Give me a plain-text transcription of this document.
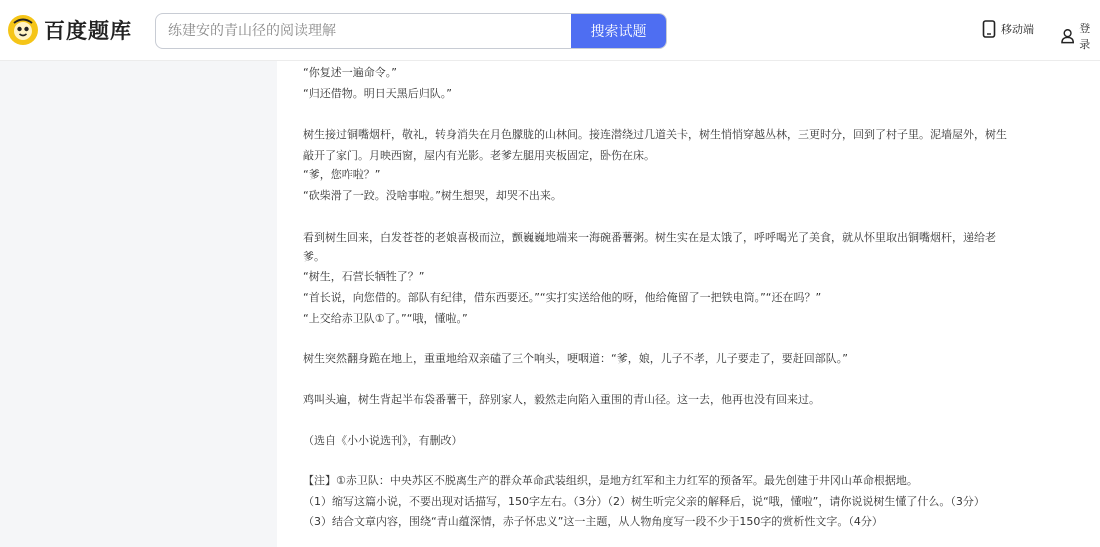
百度题库
练建安的青山径的阅读理解	搜索试题	移动端	登录
“你复述一遍命令。”
“归还借物。明日天黑后归队。”
树生接过铜嘴烟杆，敬礼，转身消失在月色朦胧的山林间。接连潜绕过几道关卡，树生悄悄穿越丛林，三更时分，回到了村子里。泥墙屋外，树生
敲开了家门。月映西窗，屋内有光影。老爹左腿用夹板固定，卧伤在床。
“爹，您咋啦？”
“砍柴滑了一跤。没啥事啦。”树生想哭，却哭不出来。
看到树生回来，白发苍苍的老娘喜极而泣，颤巍巍地端来一海碗番薯粥。树生实在是太饿了，呼呼喝光了美食，就从怀里取出铜嘴烟杆，递给老
爹。
“树生，石营长牺牲了？”
“首长说，向您借的。部队有纪律，借东西要还。”“实打实送给他的呀，他给俺留了一把铁电筒。”“还在吗？”
“上交给赤卫队①了。”“哦，懂啦。”
树生突然翻身跪在地上，重重地给双亲磕了三个响头，哽咽道：“爹，娘，儿子不孝，儿子要走了，要赶回部队。”
鸡叫头遍，树生背起半布袋番薯干，辞别家人，毅然走向陷入重围的青山径。这一去，他再也没有回来过。
（选自《小小说选刊》，有删改）
【注】①赤卫队：中央苏区不脱离生产的群众革命武装组织，是地方红军和主力红军的预备军。最先创建于井冈山革命根据地。
（1）缩写这篇小说，不要出现对话描写，150字左右。（3分）（2）树生听完父亲的解释后，说“哦，懂啦”，请你说说树生懂了什么。（3分）
（3）结合文章内容，围绕“青山蕴深情，赤子怀忠义”这一主题，从人物角度写一段不少于150字的赏析性文字。（4分）
